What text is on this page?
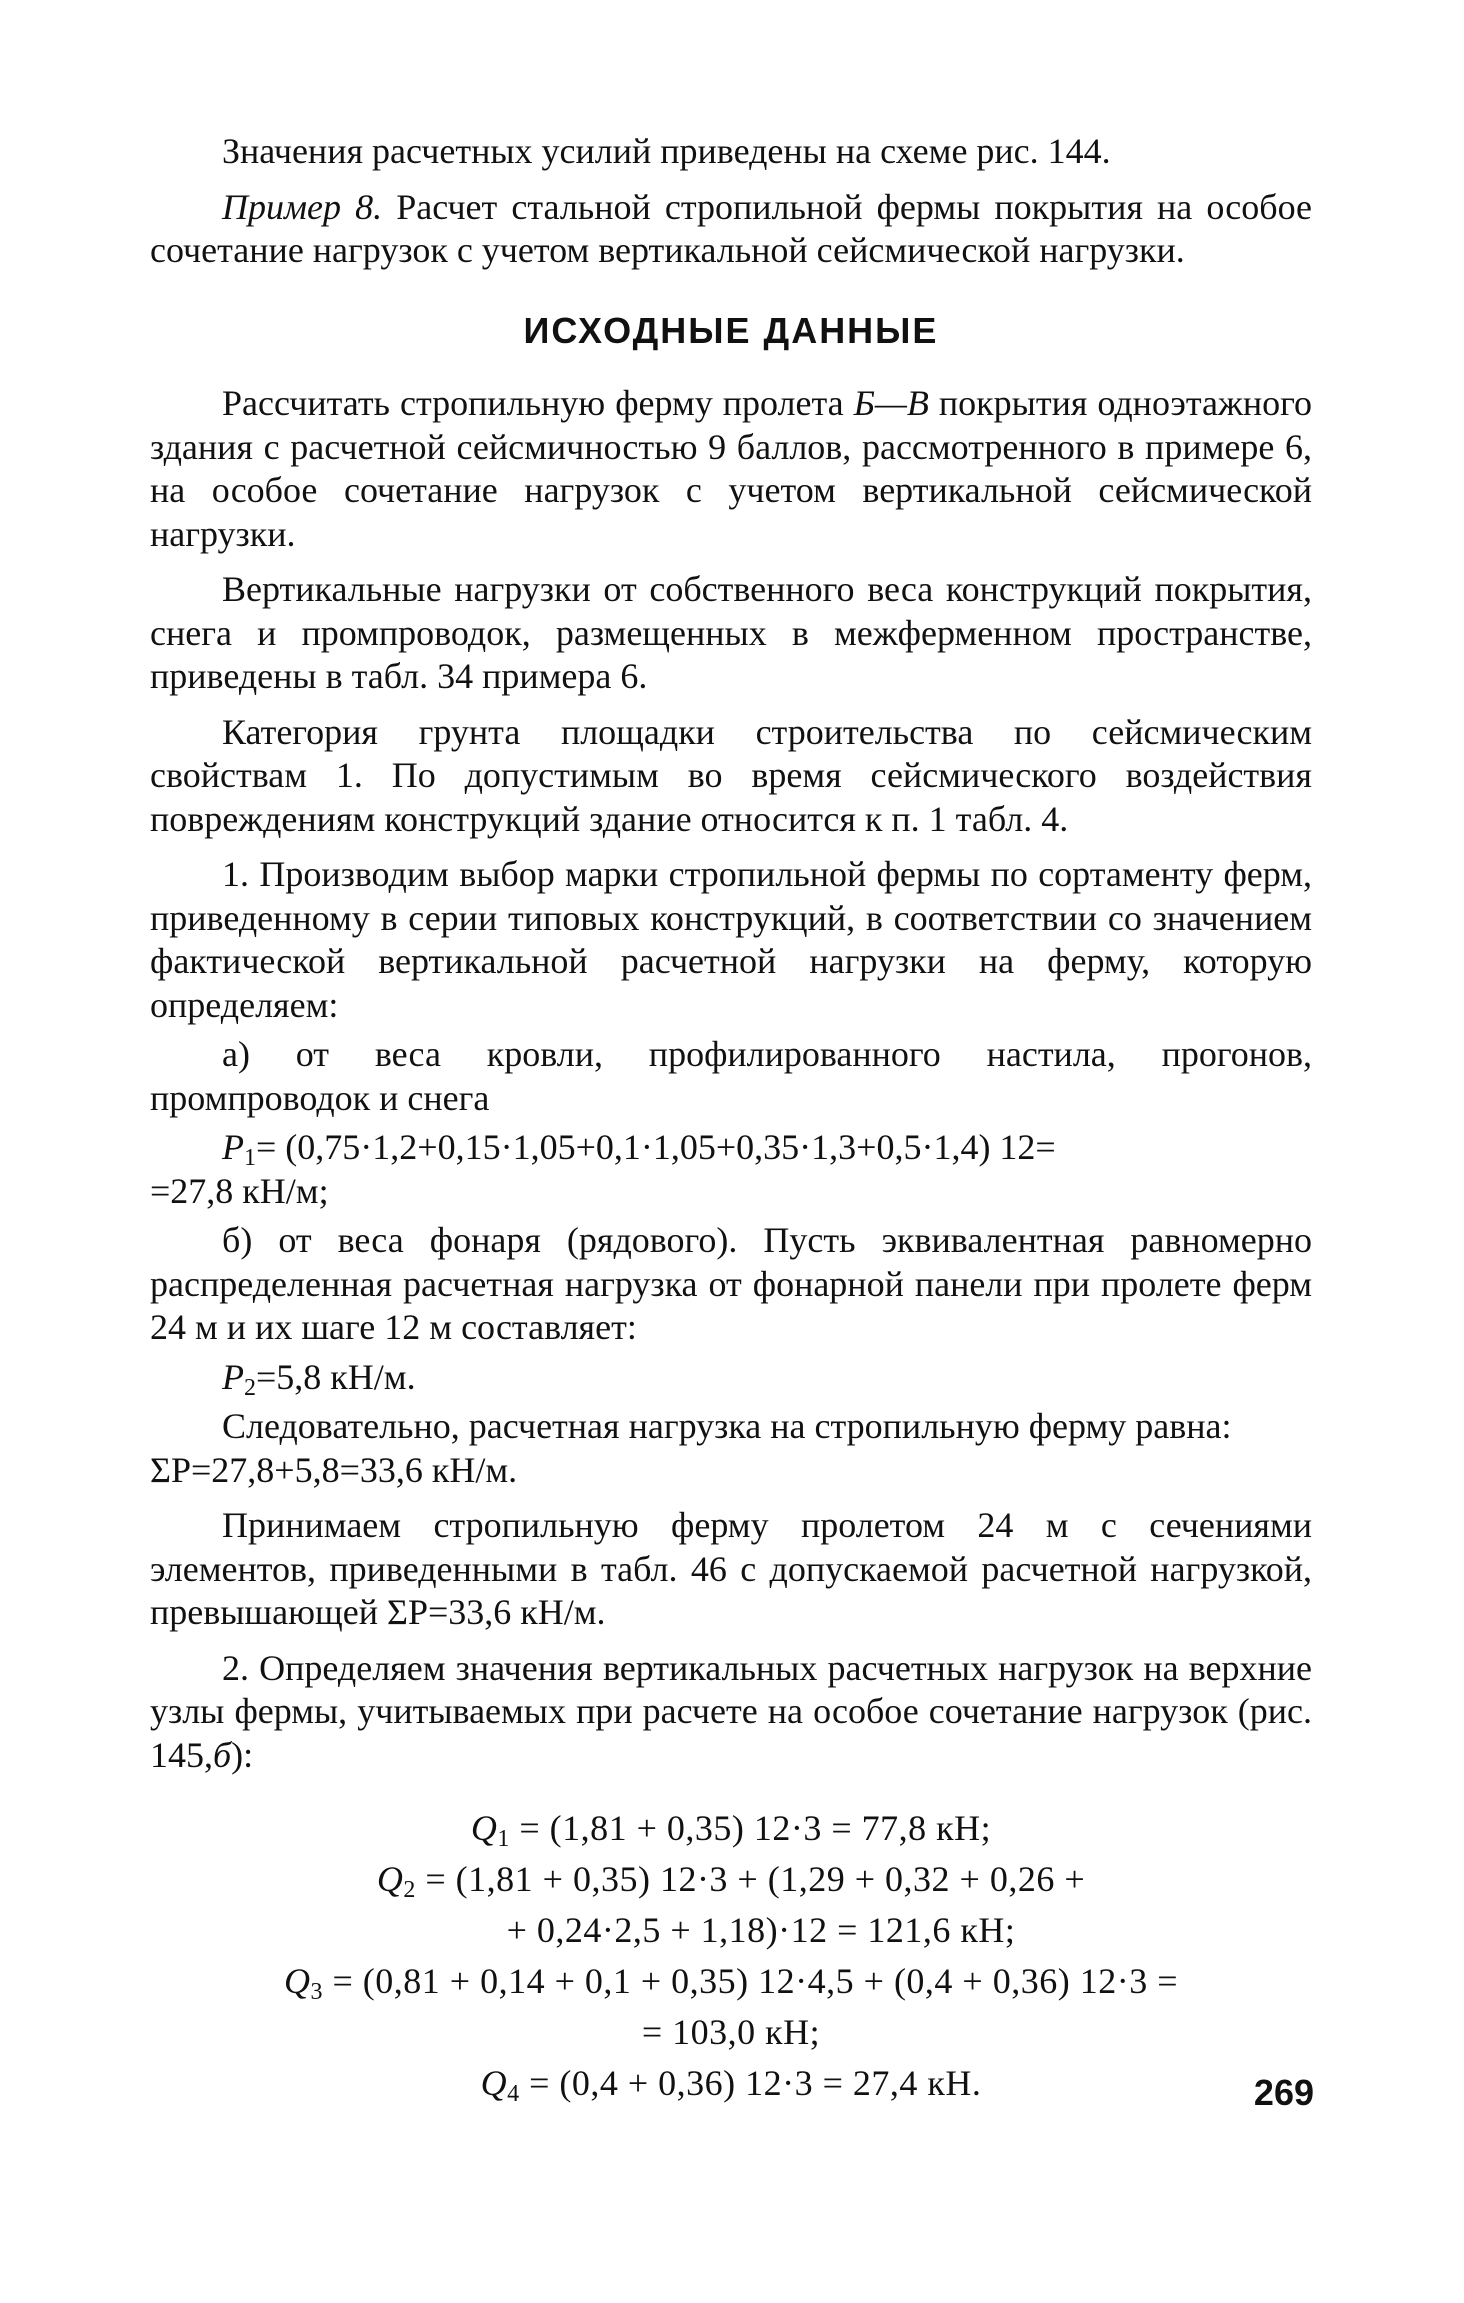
Значения расчетных усилий приведены на схеме рис. 144.

Пример 8. Расчет стальной стропильной фермы покрытия на особое сочетание нагрузок с учетом вертикальной сейсмической нагрузки.

ИСХОДНЫЕ ДАННЫЕ

Рассчитать стропильную ферму пролета Б—В покрытия одноэтажного здания с расчетной сейсмичностью 9 баллов, рассмотренного в примере 6, на особое сочетание нагрузок с учетом вертикальной сейсмической нагрузки.

Вертикальные нагрузки от собственного веса конструкций покрытия, снега и промпроводок, размещенных в межферменном пространстве, приведены в табл. 34 примера 6.

Категория грунта площадки строительства по сейсмическим свойствам 1. По допустимым во время сейсмического воздействия повреждениям конструкций здание относится к п. 1 табл. 4.

1. Производим выбор марки стропильной фермы по сортаменту ферм, приведенному в серии типовых конструкций, в соответствии со значением фактической вертикальной расчетной нагрузки на ферму, которую определяем:

а) от веса кровли, профилированного настила, прогонов, промпроводок и снега

$P_1= (0,75\cdot 1,2+0,15\cdot 1,05+0,1\cdot 1,05+0,35\cdot 1,3+0,5\cdot 1,4)$ 12=

=27,8 кН/м;

б) от веса фонаря (рядового). Пусть эквивалентная равномерно распределенная расчетная нагрузка от фонарной панели при пролете ферм 24 м и их шаге 12 м составляет:

$P_2=5,8$ кН/м.

Следовательно, расчетная нагрузка на стропильную ферму равна:

ΣP=27,8+5,8=33,6 кН/м.

Принимаем стропильную ферму пролетом 24 м с сечениями элементов, приведенными в табл. 46 с допускаемой расчетной нагрузкой, превышающей ΣP=33,6 кН/м.

2. Определяем значения вертикальных расчетных нагрузок на верхние узлы фермы, учитываемых при расчете на особое сочетание нагрузок (рис. 145,б):

$Q_1 = (1,81 + 0,35) 12\cdot 3 = 77,8$ кН;
$Q_2 = (1,81 + 0,35) 12\cdot 3 + (1,29 + 0,32 + 0,26$ +
+ 0,24·2,5 + 1,18)·12 = 121,6 кН;
$Q_3 = (0,81 + 0,14 + 0,1 + 0,35) 12\cdot 4,5 + (0,4 + 0,36) 12\cdot 3$ =
= 103,0 кН;
$Q_4 = (0,4 + 0,36) 12\cdot 3 = 27,4$ кН.	269
